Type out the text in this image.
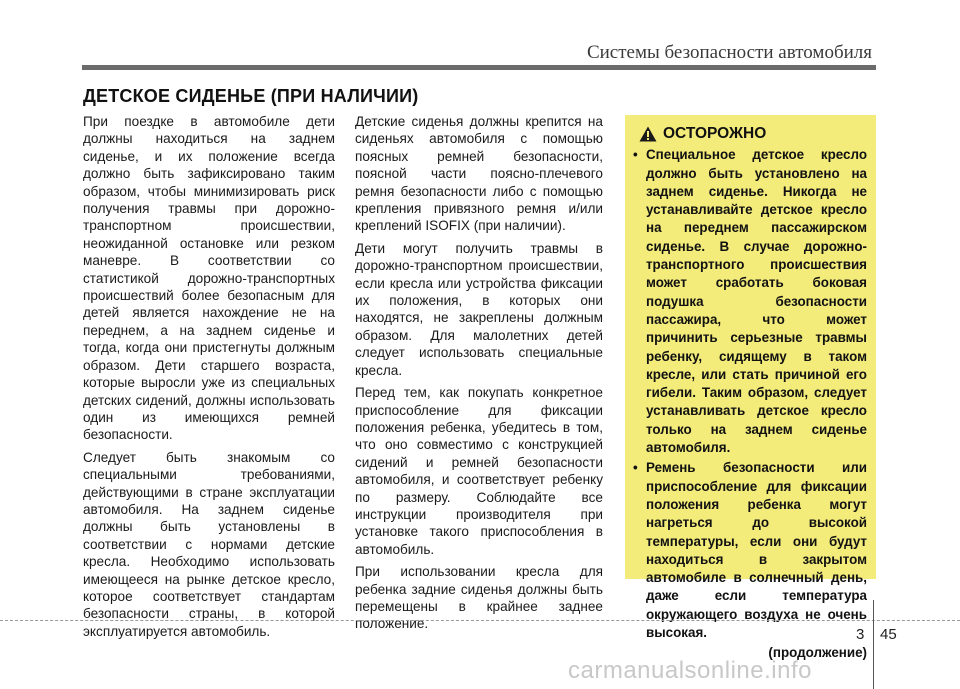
Системы безопасности автомобиля
ДЕТСКОЕ СИДЕНЬЕ (ПРИ НАЛИЧИИ)

При поездке в автомобиле дети должны находиться на заднем сиденье, и их положение всегда должно быть зафиксировано таким образом, чтобы минимизировать риск получения травмы при дорожно-транспортном происшествии, неожиданной остановке или резком маневре. В соответствии со статистикой дорожно-транспортных происшествий более безопасным для детей является нахождение не на переднем, а на заднем сиденье и тогда, когда они пристегнуты должным образом. Дети старшего возраста, которые выросли уже из специальных детских сидений, должны использовать один из имеющихся ремней безопасности.

Следует быть знакомым со специальными требованиями, действующими в стране эксплуатации автомобиля. На заднем сиденье должны быть установлены в соответствии с нормами детские кресла. Необходимо использовать имеющееся на рынке детское кресло, которое соответствует стандартам безопасности страны, в которой эксплуатируется автомобиль.

Детские сиденья должны крепится на сиденьях автомобиля с помощью поясных ремней безопасности, поясной части поясно-плечевого ремня безопасности либо с помощью крепления привязного ремня и/или креплений ISOFIX (при наличии).

Дети могут получить травмы в дорожно-транспортном происшествии, если кресла или устройства фиксации их положения, в которых они находятся, не закреплены должным образом. Для малолетних детей следует использовать специальные кресла.

Перед тем, как покупать конкретное приспособление для фиксации положения ребенка, убедитесь в том, что оно совместимо с конструкцией сидений и ремней безопасности автомобиля, и соответствует ребенку по размеру. Соблюдайте все инструкции производителя при установке такого приспособления в автомобиль.

При использовании кресла для ребенка задние сиденья должны быть перемещены в крайнее заднее положение.

ОСТОРОЖНО
• Специальное детское кресло должно быть установлено на заднем сиденье. Никогда не устанавливайте детское кресло на переднем пассажирском сиденье. В случае дорожно-транспортного происшествия может сработать боковая подушка безопасности пассажира, что может причинить серьезные травмы ребенку, сидящему в таком кресле, или стать причиной его гибели. Таким образом, следует устанавливать детское кресло только на заднем сиденье автомобиля.
• Ремень безопасности или приспособление для фиксации положения ребенка могут нагреться до высокой температуры, если они будут находиться в закрытом автомобиле в солнечный день, даже если температура окружающего воздуха не очень высокая.
(продолжение)
3 45
carmanualsonline.info
